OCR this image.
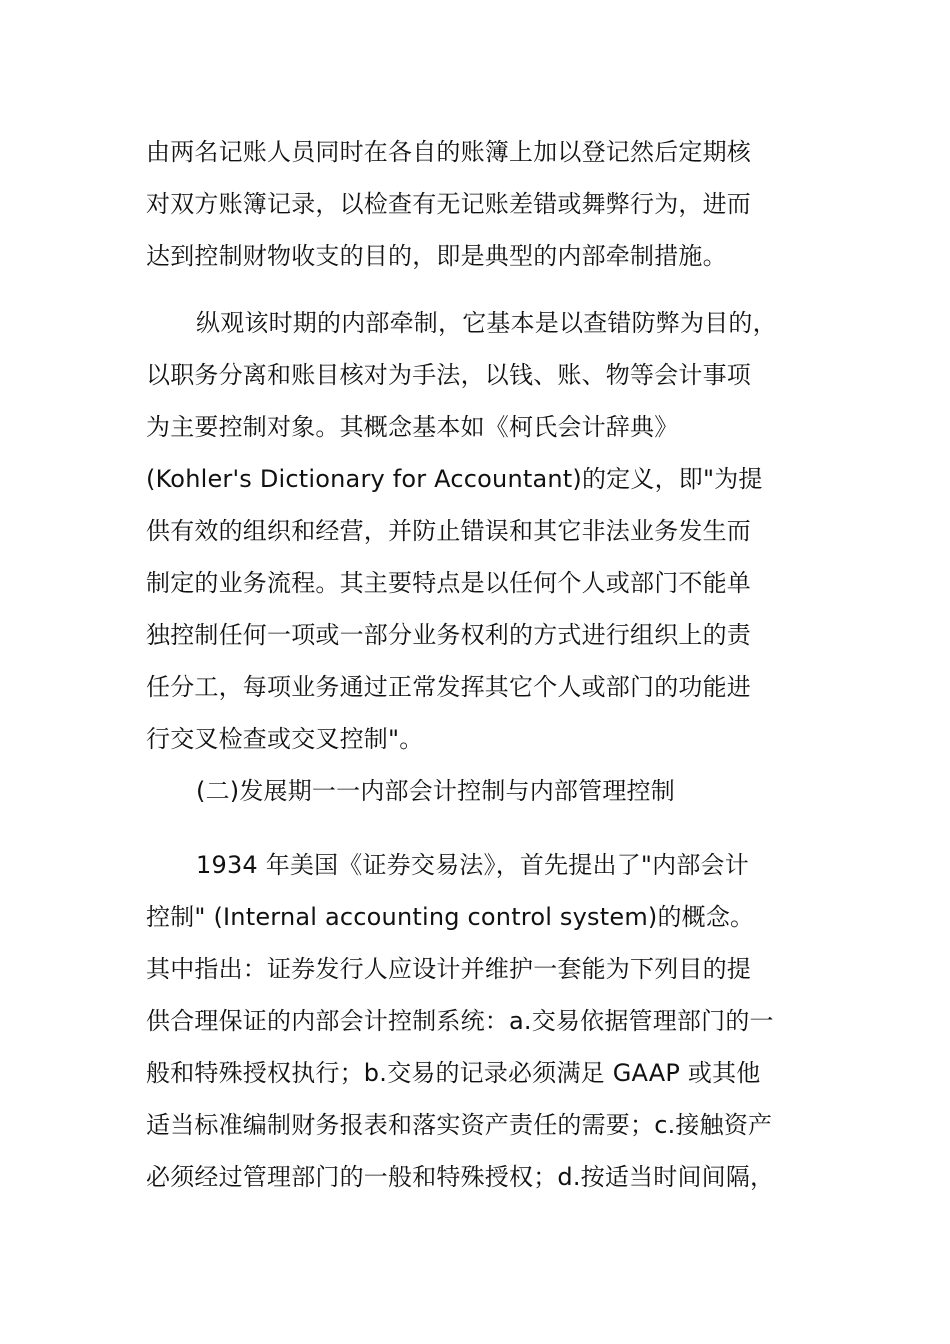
由两名记账人员同时在各自的账簿上加以登记然后定期核
对双方账簿记录，以检查有无记账差错或舞弊行为，进而
达到控制财物收支的目的，即是典型的内部牵制措施。
纵观该时期的内部牵制，它基本是以查错防弊为目的，
以职务分离和账目核对为手法，以钱、账、物等会计事项
为主要控制对象。其概念基本如《柯氏会计辞典》
(Kohler's Dictionary for Accountant)的定义，即"为提
供有效的组织和经营，并防止错误和其它非法业务发生而
制定的业务流程。其主要特点是以任何个人或部门不能单
独控制任何一项或一部分业务权利的方式进行组织上的责
任分工，每项业务通过正常发挥其它个人或部门的功能进
行交叉检查或交叉控制"。
(二)发展期一一内部会计控制与内部管理控制
1934 年美国《证券交易法》，首先提出了"内部会计
控制" (Internal accounting control system)的概念。
其中指出：证券发行人应设计并维护一套能为下列目的提
供合理保证的内部会计控制系统：a.交易依据管理部门的一
般和特殊授权执行；b.交易的记录必须满足 GAAP 或其他
适当标准编制财务报表和落实资产责任的需要；c.接触资产
必须经过管理部门的一般和特殊授权；d.按适当时间间隔，
